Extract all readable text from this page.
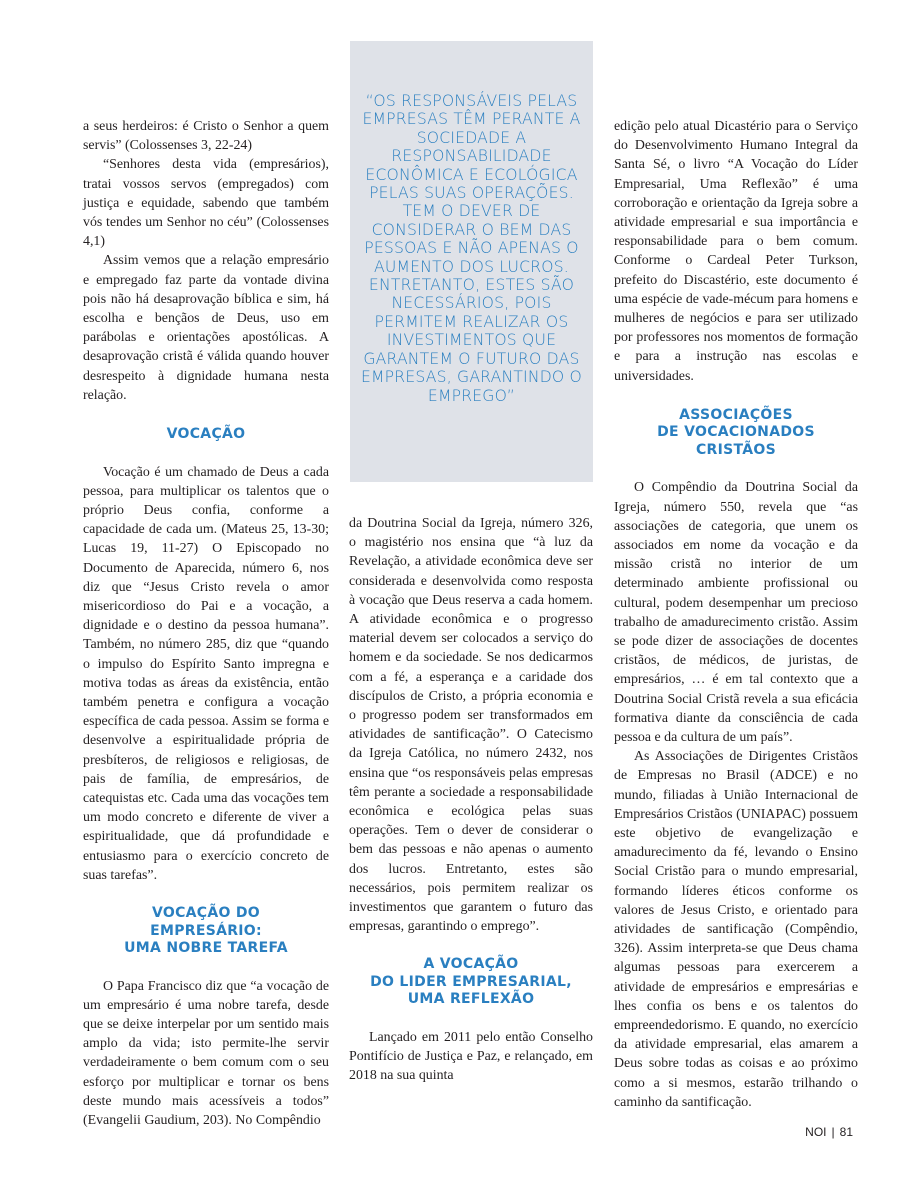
“OS RESPONSÁVEIS PELAS EMPRESAS TÊM PERANTE A SOCIEDADE A RESPONSABILIDADE ECONÔMICA E ECOLÓGICA PELAS SUAS OPERAÇÕES. TEM O DEVER DE CONSIDERAR O BEM DAS PESSOAS E NÃO APENAS O AUMENTO DOS LUCROS. ENTRETANTO, ESTES SÃO NECESSÁRIOS, POIS PERMITEM REALIZAR OS INVESTIMENTOS QUE GARANTEM O FUTURO DAS EMPRESAS, GARANTINDO O EMPREGO”

a seus herdeiros: é Cristo o Senhor a quem servis” (Colossenses 3, 22-24)

“Senhores desta vida (empresários), tratai vossos servos (empregados) com justiça e equidade, sabendo que também vós tendes um Senhor no céu” (Colossenses 4,1)

Assim vemos que a relação empresário e empregado faz parte da vontade divina pois não há desaprovação bíblica e sim, há escolha e bençãos de Deus, uso em parábolas e orientações apostólicas. A desaprovação cristã é válida quando houver desrespeito à dignidade humana nesta relação.

VOCAÇÃO

Vocação é um chamado de Deus a cada pessoa, para multiplicar os talentos que o próprio Deus confia, conforme a capacidade de cada um. (Mateus 25, 13-30; Lucas 19, 11-27) O Episcopado no Documento de Aparecida, número 6, nos diz que “Jesus Cristo revela o amor misericordioso do Pai e a vocação, a dignidade e o destino da pessoa humana”. Também, no número 285, diz que “quando o impulso do Espírito Santo impregna e motiva todas as áreas da existência, então também penetra e configura a vocação específica de cada pessoa. Assim se forma e desenvolve a espiritualidade própria de presbíteros, de religiosos e religiosas, de pais de família, de empresários, de catequistas etc. Cada uma das vocações tem um modo concreto e diferente de viver a espiritualidade, que dá profundidade e entusiasmo para o exercício concreto de suas tarefas”.

VOCAÇÃO DO
EMPRESÁRIO:
UMA NOBRE TAREFA

O Papa Francisco diz que “a vocação de um empresário é uma nobre tarefa, desde que se deixe interpelar por um sentido mais amplo da vida; isto permite-lhe servir verdadeiramente o bem comum com o seu esforço por multiplicar e tornar os bens deste mundo mais acessíveis a todos” (Evangelii Gaudium, 203). No Compêndio

da Doutrina Social da Igreja, número 326, o magistério nos ensina que “à luz da Revelação, a atividade econômica deve ser considerada e desenvolvida como resposta à vocação que Deus reserva a cada homem. A atividade econômica e o progresso material devem ser colocados a serviço do homem e da sociedade. Se nos dedicarmos com a fé, a esperança e a caridade dos discípulos de Cristo, a própria economia e o progresso podem ser transformados em atividades de santificação”. O Catecismo da Igreja Católica, no número 2432, nos ensina que “os responsáveis pelas empresas têm perante a sociedade a responsabilidade econômica e ecológica pelas suas operações. Tem o dever de considerar o bem das pessoas e não apenas o aumento dos lucros. Entretanto, estes são necessários, pois permitem realizar os investimentos que garantem o futuro das empresas, garantindo o emprego”.

A VOCAÇÃO
DO LIDER EMPRESARIAL,
UMA REFLEXÃO

Lançado em 2011 pelo então Conselho Pontifício de Justiça e Paz, e relançado, em 2018 na sua quinta

edição pelo atual Dicastério para o Serviço do Desenvolvimento Humano Integral da Santa Sé, o livro “A Vocação do Líder Empresarial, Uma Reflexão” é uma corroboração e orientação da Igreja sobre a atividade empresarial e sua importância e responsabilidade para o bem comum. Conforme o Cardeal Peter Turkson, prefeito do Discastério, este documento é uma espécie de vade-mécum para homens e mulheres de negócios e para ser utilizado por professores nos momentos de formação e para a instrução nas escolas e universidades.

ASSOCIAÇÕES
DE VOCACIONADOS
CRISTÃOS

O Compêndio da Doutrina Social da Igreja, número 550, revela que “as associações de categoria, que unem os associados em nome da vocação e da missão cristã no interior de um determinado ambiente profissional ou cultural, podem desempenhar um precioso trabalho de amadurecimento cristão. Assim se pode dizer de associações de docentes cristãos, de médicos, de juristas, de empresários, … é em tal contexto que a Doutrina Social Cristã revela a sua eficácia formativa diante da consciência de cada pessoa e da cultura de um país”.

As Associações de Dirigentes Cristãos de Empresas no Brasil (ADCE) e no mundo, filiadas à União Internacional de Empresários Cristãos (UNIAPAC) possuem este objetivo de evangelização e amadurecimento da fé, levando o Ensino Social Cristão para o mundo empresarial, formando líderes éticos conforme os valores de Jesus Cristo, e orientado para atividades de santificação (Compêndio, 326). Assim interpreta-se que Deus chama algumas pessoas para exercerem a atividade de empresários e empresárias e lhes confia os bens e os talentos do empreendedorismo. E quando, no exercício da atividade empresarial, elas amarem a Deus sobre todas as coisas e ao próximo como a si mesmos, estarão trilhando o caminho da santificação.

NOI | 81
